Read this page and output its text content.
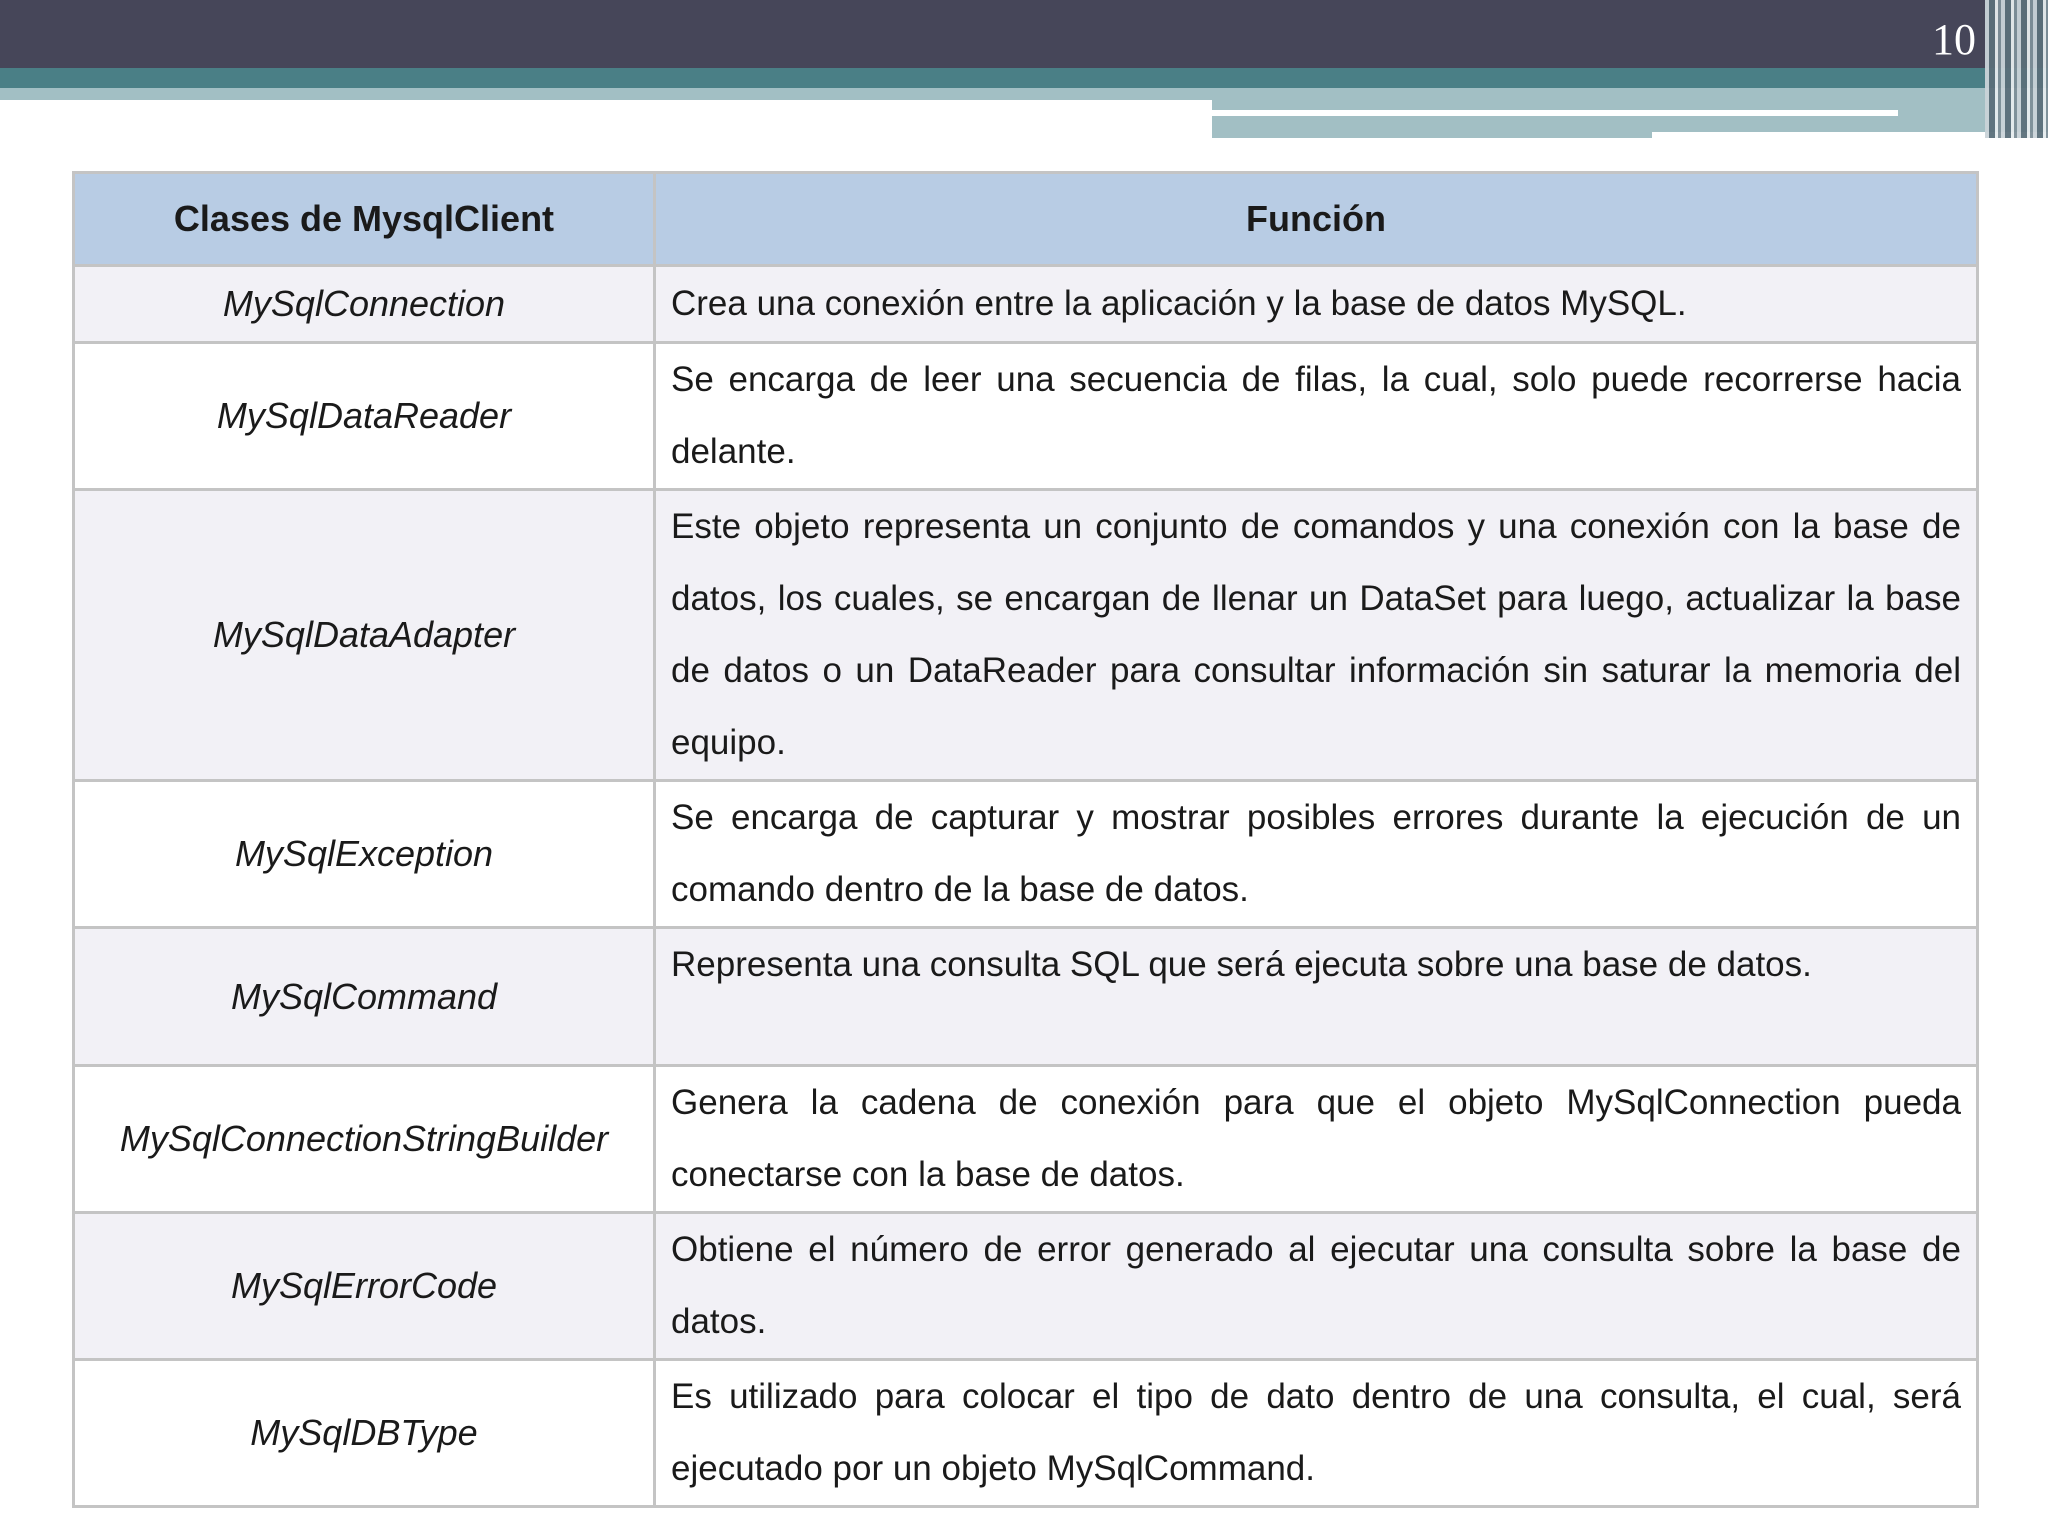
10
Clases de MysqlClient	Función
MySqlConnection	Crea una conexión entre la aplicación y la base de datos MySQL.
MySqlDataReader	Se encarga de leer una secuencia de filas, la cual, solo puede recorrerse hacia delante.
MySqlDataAdapter	Este objeto representa un conjunto de comandos y una conexión con la base de datos, los cuales, se encargan de llenar un DataSet para luego, actualizar la base de datos o un DataReader para consultar información sin saturar la memoria del equipo.
MySqlException	Se encarga de capturar y mostrar posibles errores durante la ejecución de un comando dentro de la base de datos.
MySqlCommand	Representa una consulta SQL que será ejecuta sobre una base de datos.
MySqlConnectionStringBuilder	Genera la cadena de conexión para que el objeto MySqlConnection pueda conectarse con la base de datos.
MySqlErrorCode	Obtiene el número de error generado al ejecutar una consulta sobre la base de datos.
MySqlDBType	Es utilizado para colocar el tipo de dato dentro de una consulta, el cual, será ejecutado por un objeto MySqlCommand.
